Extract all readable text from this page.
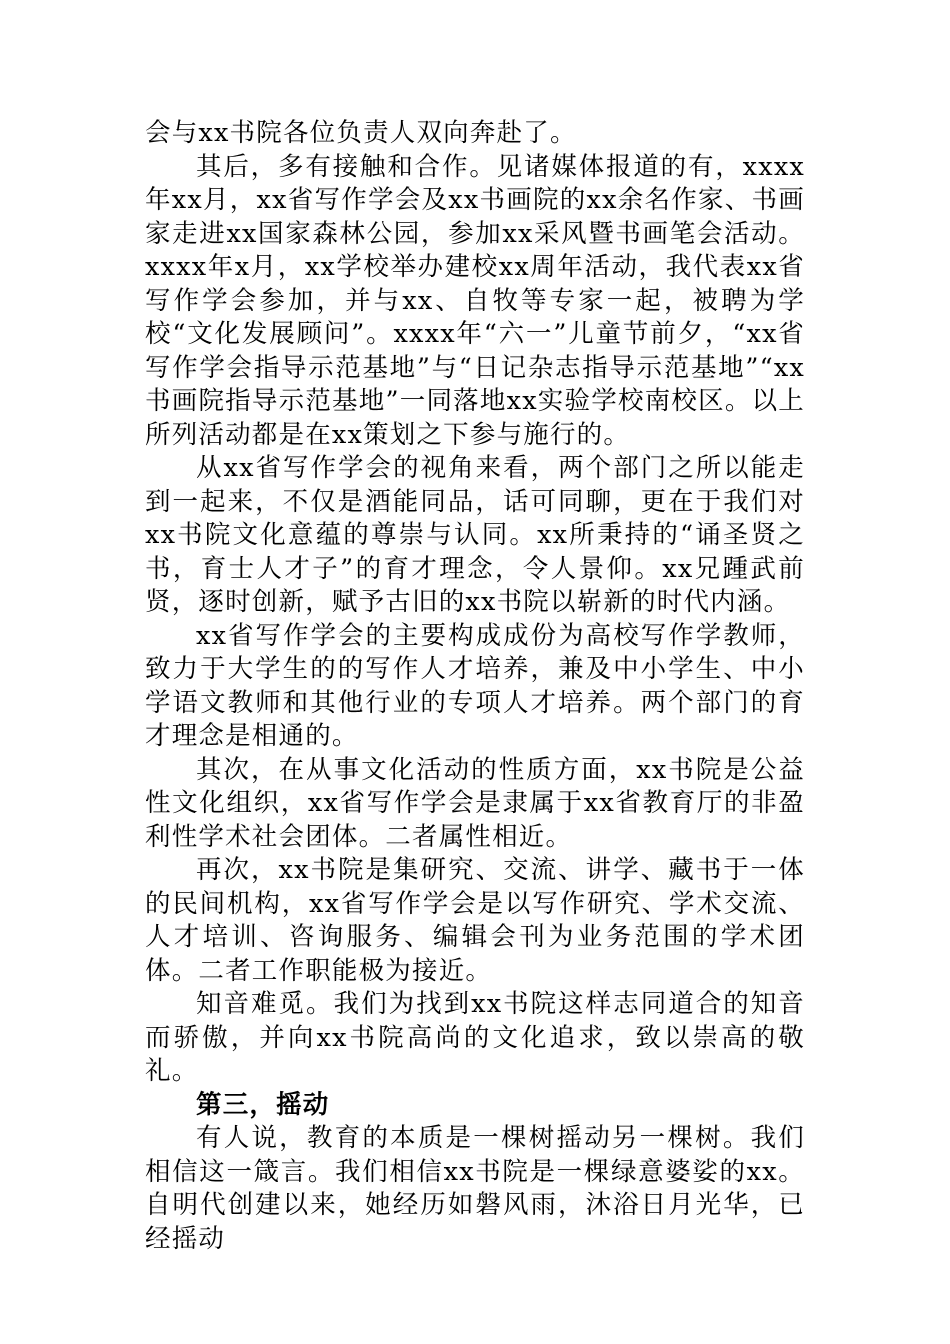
会与xx书院各位负责人双向奔赴了。

其后，多有接触和合作。见诸媒体报道的有，xxxx年xx月，xx省写作学会及xx书画院的xx余名作家、书画家走进xx国家森林公园，参加xx采风暨书画笔会活动。xxxx年x月，xx学校举办建校xx周年活动，我代表xx省写作学会参加，并与xx、自牧等专家一起，被聘为学校“文化发展顾问”。xxxx年“六一”儿童节前夕，“xx省写作学会指导示范基地”与“日记杂志指导示范基地”“xx书画院指导示范基地”一同落地xx实验学校南校区。以上所列活动都是在xx策划之下参与施行的。

从xx省写作学会的视角来看，两个部门之所以能走到一起来，不仅是酒能同品，话可同聊，更在于我们对xx书院文化意蕴的尊崇与认同。xx所秉持的“诵圣贤之书，育士人才子”的育才理念，令人景仰。xx兄踵武前贤，逐时创新，赋予古旧的xx书院以崭新的时代内涵。

xx省写作学会的主要构成成份为高校写作学教师，致力于大学生的的写作人才培养，兼及中小学生、中小学语文教师和其他行业的专项人才培养。两个部门的育才理念是相通的。

其次，在从事文化活动的性质方面，xx书院是公益性文化组织，xx省写作学会是隶属于xx省教育厅的非盈利性学术社会团体。二者属性相近。

再次，xx书院是集研究、交流、讲学、藏书于一体的民间机构，xx省写作学会是以写作研究、学术交流、人才培训、咨询服务、编辑会刊为业务范围的学术团体。二者工作职能极为接近。

知音难觅。我们为找到xx书院这样志同道合的知音而骄傲，并向xx书院高尚的文化追求，致以崇高的敬礼。

第三，摇动

有人说，教育的本质是一棵树摇动另一棵树。我们相信这一箴言。我们相信xx书院是一棵绿意婆娑的xx。自明代创建以来，她经历如磐风雨，沐浴日月光华，已经摇动
